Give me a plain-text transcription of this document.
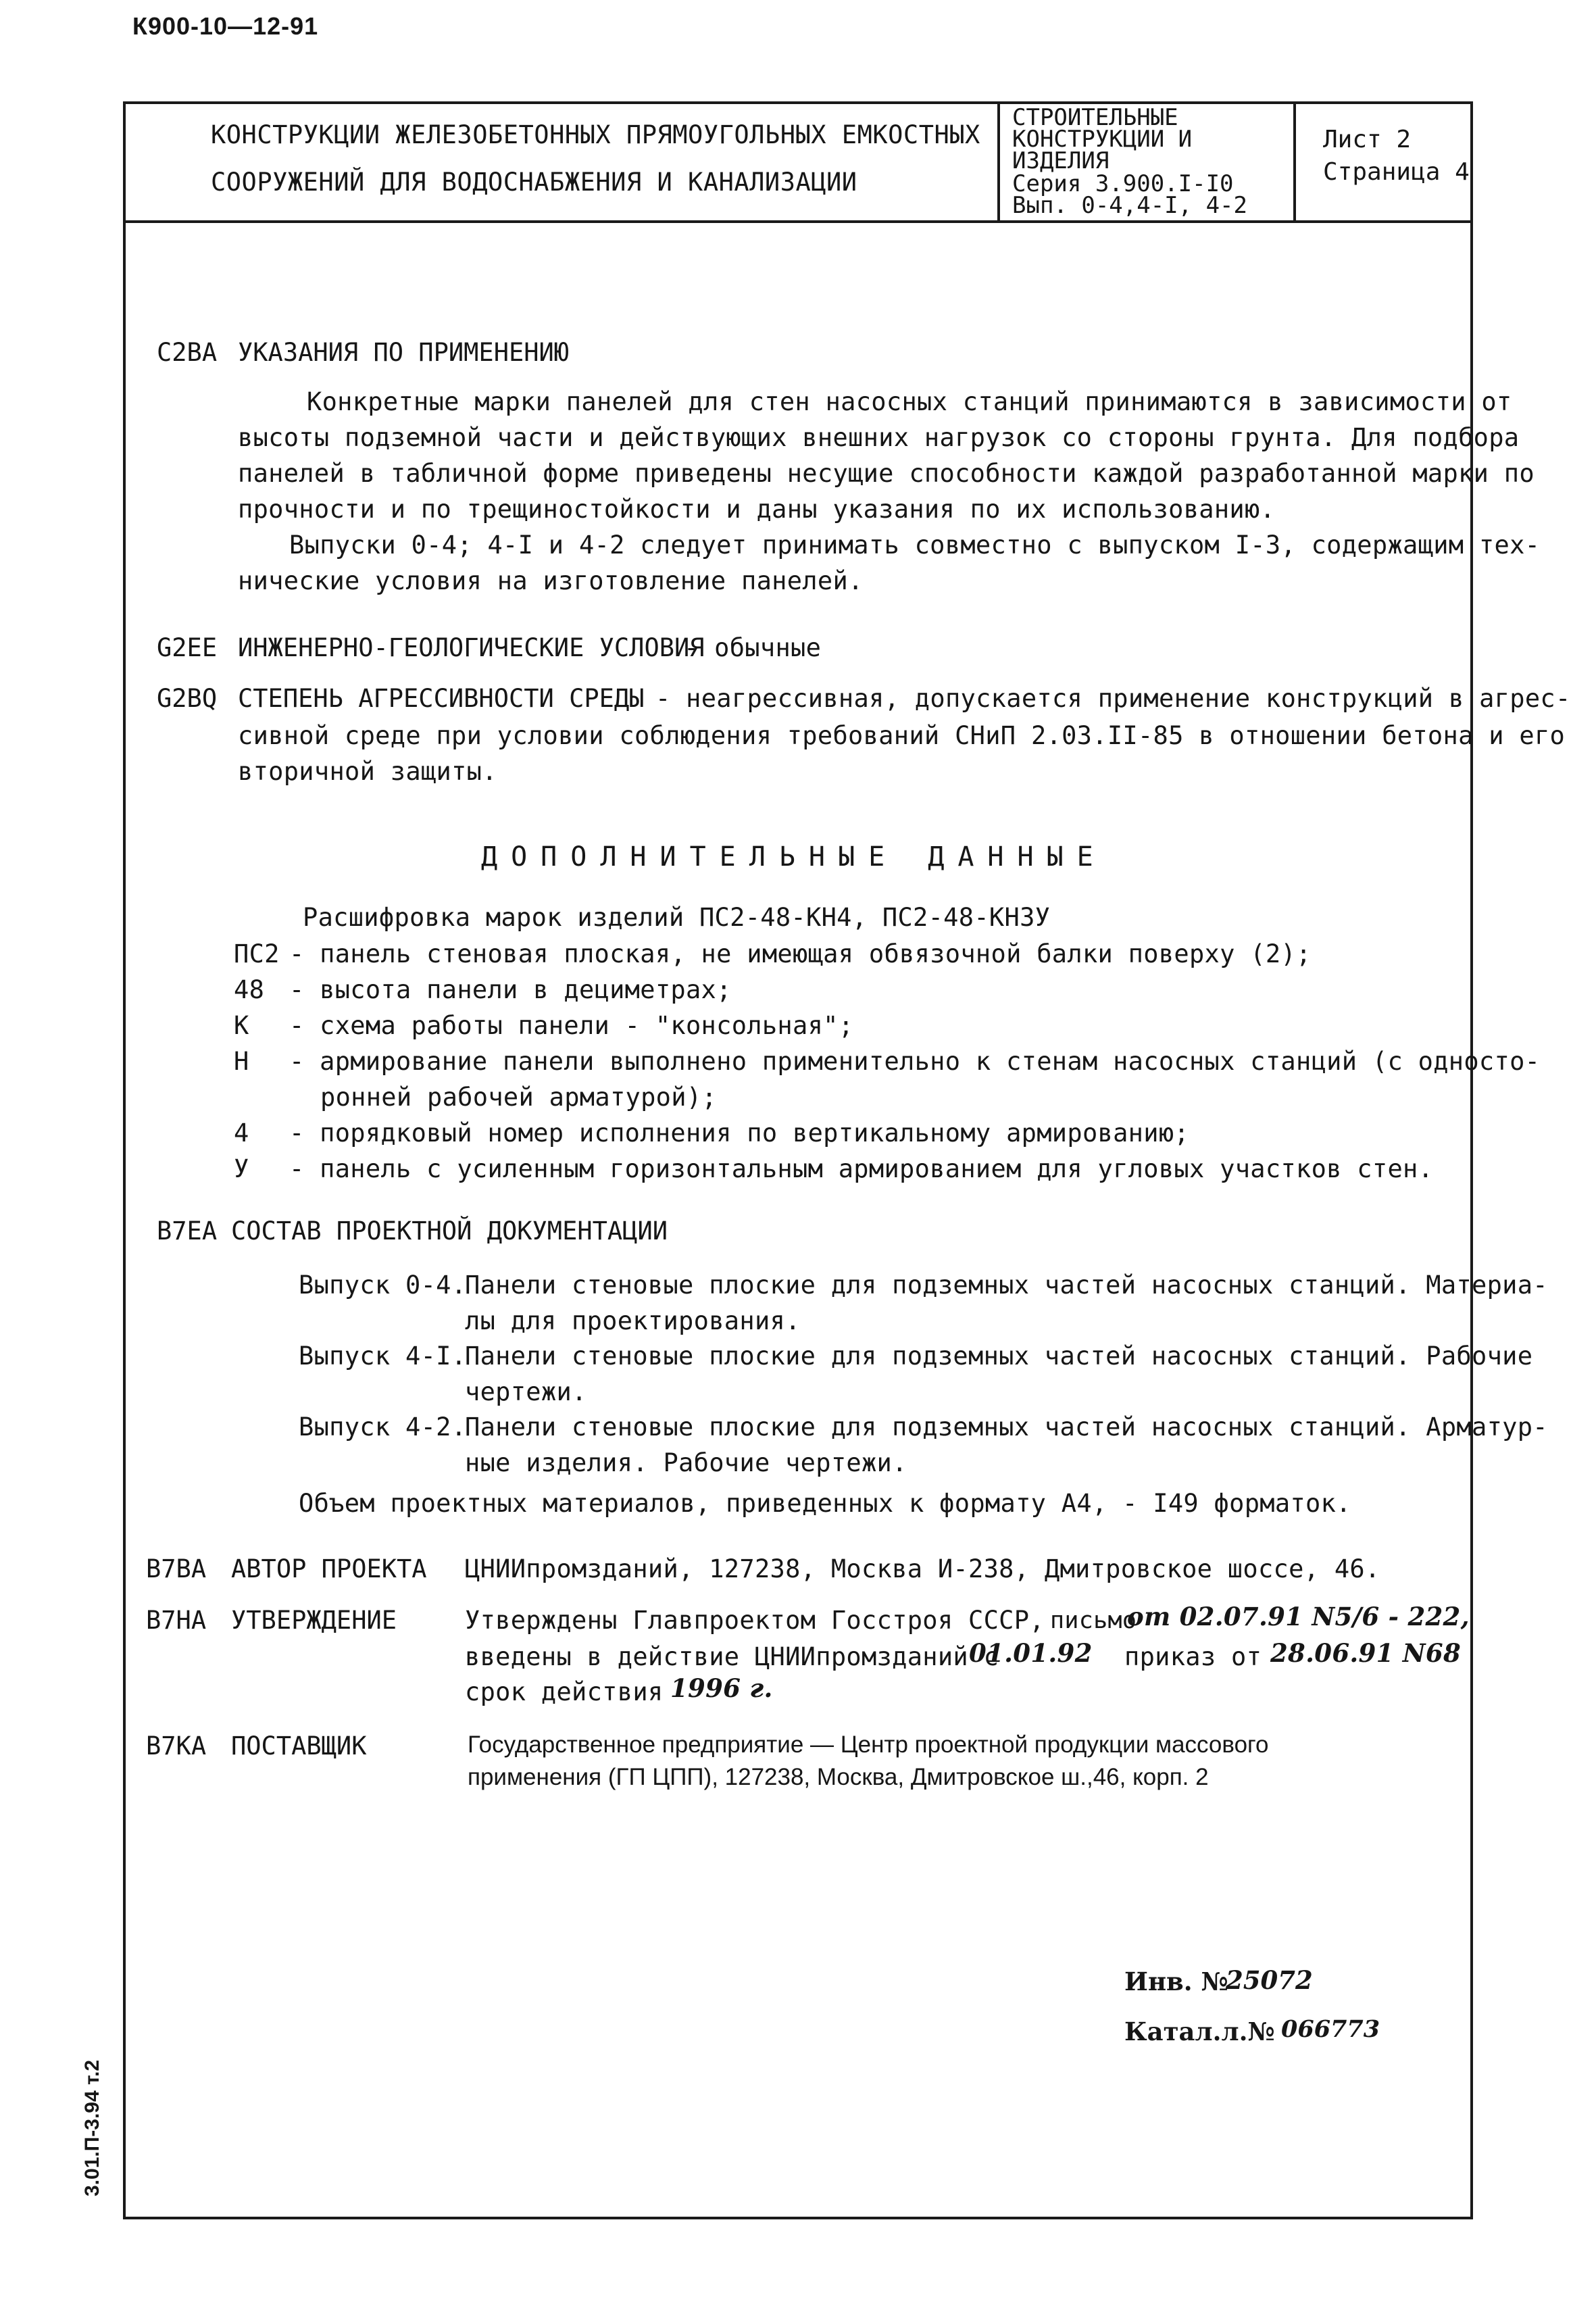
К900-10—12-91
КОНСТРУКЦИИ ЖЕЛЕЗОБЕТОННЫХ ПРЯМОУГОЛЬНЫХ ЕМКОСТНЫХ
СООРУЖЕНИЙ ДЛЯ ВОДОСНАБЖЕНИЯ И КАНАЛИЗАЦИИ
СТРОИТЕЛЬНЫЕ
КОНСТРУКЦИИ И
ИЗДЕЛИЯ
Серия 3.900.I-I0
Вып. 0-4,4-I, 4-2
Лист 2
Страница 4
C2BA УКАЗАНИЯ ПО ПРИМЕНЕНИЮ
Конкретные марки панелей для стен насосных станций принимаются в зависимости от
высоты подземной части и действующих внешних нагрузок со стороны грунта. Для подбора
панелей в табличной форме приведены несущие способности каждой разработанной марки по
прочности и по трещиностойкости и даны указания по их использованию.
Выпуски 0-4; 4-I и 4-2 следует принимать совместно с выпуском I-3, содержащим тех-
нические условия на изготовление панелей.
G2EE ИНЖЕНЕРНО-ГЕОЛОГИЧЕСКИЕ УСЛОВИЯ
- обычные
G2BQ СТЕПЕНЬ АГРЕССИВНОСТИ СРЕДЫ - неагрессивная, допускается применение конструкций в агрес-
сивной среде при условии соблюдения требований СНиП 2.03.II-85 в отношении бетона и его
вторичной защиты.
ДОПОЛНИТЕЛЬНЫЕ ДАННЫЕ
Расшифровка марок изделий ПС2-48-КН4, ПС2-48-КН3У
ПС2 - панель стеновая плоская, не имеющая обвязочной балки поверху (2);
48 - высота панели в дециметрах;
К - схема работы панели - "консольная";
Н - армирование панели выполнено применительно к стенам насосных станций (с односто-
ронней рабочей арматурой);
4 - порядковый номер исполнения по вертикальному армированию;
У - панель с усиленным горизонтальным армированием для угловых участков стен.
B7EA СОСТАВ ПРОЕКТНОЙ ДОКУМЕНТАЦИИ
Выпуск 0-4.
Панели стеновые плоские для подземных частей насосных станций. Материа-
лы для проектирования.
Выпуск 4-I.
Панели стеновые плоские для подземных частей насосных станций. Рабочие
чертежи.
Выпуск 4-2.
Панели стеновые плоские для подземных частей насосных станций. Арматур-
ные изделия. Рабочие чертежи.
Объем проектных материалов, приведенных к формату А4, - I49 форматок.
B7BA АВТОР ПРОЕКТА ЦНИИпромзданий, 127238, Москва И-238, Дмитровское шоссе, 46.
B7HA УТВЕРЖДЕНИЕ	Утверждены Главпроектом Госстроя СССР, письмо
от 02.07.91 N5/6 - 222,
введены в действие ЦНИИпромзданий с
01.01.92 приказ от 28.06.91 N68
срок действия 1996 г.
B7KA ПОСТАВЩИК	Государственное предприятие — Центр проектной продукции массового
применения (ГП ЦПП), 127238, Москва, Дмитровское ш.,46, корп. 2
Инв. №
25072
Катал.л.№ 066773
3.01.П-3.94 т.2
